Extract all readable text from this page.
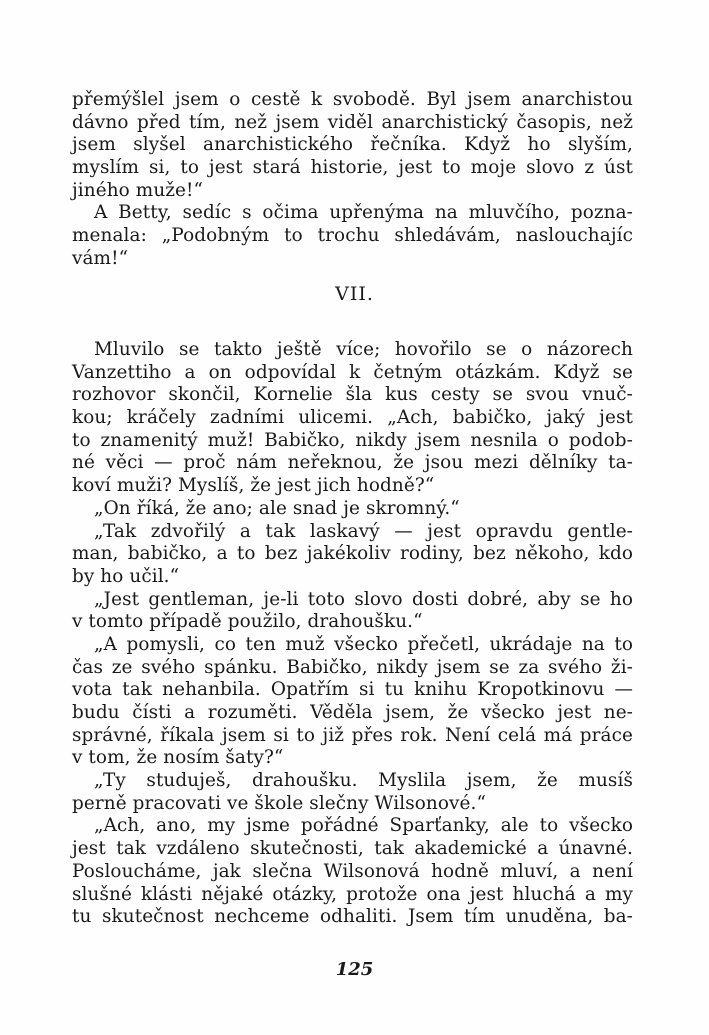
přemýšlel jsem o cestě k svobodě. Byl jsem anarchistou
dávno před tím, než jsem viděl anarchistický časopis, než
jsem slyšel anarchistického řečníka. Když ho slyším,
myslím si, to jest stará historie, jest to moje slovo z úst
jiného muže!“
A Betty, sedíc s očima upřenýma na mluvčího, pozna-
menala: „Podobným to trochu shledávám, naslouchajíc
vám!“
VII.
Mluvilo se takto ještě více; hovořilo se o názorech
Vanzettiho a on odpovídal k četným otázkám. Když se
rozhovor skončil, Kornelie šla kus cesty se svou vnuč-
kou; kráčely zadními ulicemi. „Ach, babičko, jaký jest
to znamenitý muž! Babičko, nikdy jsem nesnila o podob-
né věci — proč nám neřeknou, že jsou mezi dělníky ta-
koví muži? Myslíš, že jest jich hodně?“
„On říká, že ano; ale snad je skromný.“
„Tak zdvořilý a tak laskavý — jest opravdu gentle-
man, babičko, a to bez jakékoliv rodiny, bez někoho, kdo
by ho učil.“
„Jest gentleman, je-li toto slovo dosti dobré, aby se ho
v tomto případě použilo, drahoušku.“
„A pomysli, co ten muž všecko přečetl, ukrádaje na to
čas ze svého spánku. Babičko, nikdy jsem se za svého ži-
vota tak nehanbila. Opatřím si tu knihu Kropotkinovu —
budu čísti a rozuměti. Věděla jsem, že všecko jest ne-
správné, říkala jsem si to již přes rok. Není celá má práce
v tom, že nosím šaty?“
„Ty studuješ, drahoušku. Myslila jsem, že musíš
perně pracovati ve škole slečny Wilsonové.“
„Ach, ano, my jsme pořádné Sparťanky, ale to všecko
jest tak vzdáleno skutečnosti, tak akademické a únavné.
Posloucháme, jak slečna Wilsonová hodně mluví, a není
slušné klásti nějaké otázky, protože ona jest hluchá a my
tu skutečnost nechceme odhaliti. Jsem tím unuděna, ba-
125
